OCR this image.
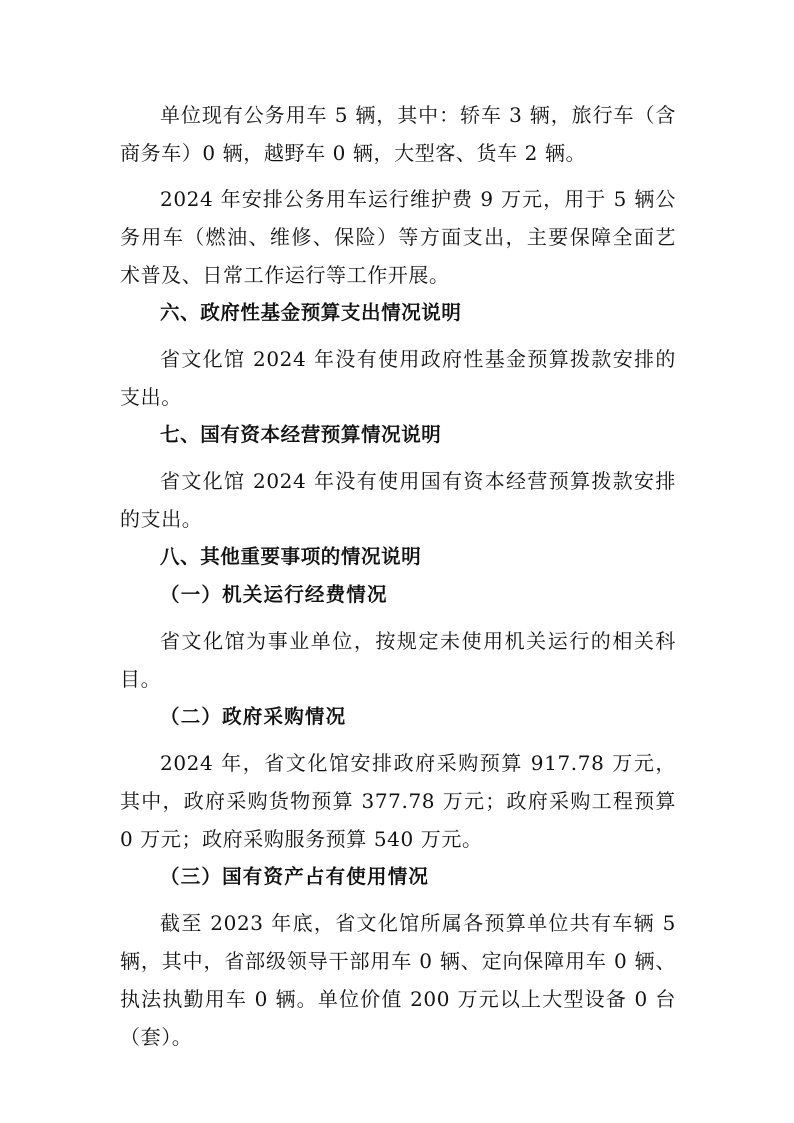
单位现有公务用车 5 辆，其中：轿车 3 辆，旅行车（含商务车）0 辆，越野车 0 辆，大型客、货车 2 辆。

2024 年安排公务用车运行维护费 9 万元，用于 5 辆公务用车（燃油、维修、保险）等方面支出，主要保障全面艺术普及、日常工作运行等工作开展。

六、政府性基金预算支出情况说明

省文化馆 2024 年没有使用政府性基金预算拨款安排的支出。

七、国有资本经营预算情况说明

省文化馆 2024 年没有使用国有资本经营预算拨款安排的支出。

八、其他重要事项的情况说明
（一）机关运行经费情况

省文化馆为事业单位，按规定未使用机关运行的相关科目。

（二）政府采购情况

2024 年，省文化馆安排政府采购预算 917.78 万元，其中，政府采购货物预算 377.78 万元；政府采购工程预算 0 万元；政府采购服务预算 540 万元。

（三）国有资产占有使用情况

截至 2023 年底，省文化馆所属各预算单位共有车辆 5 辆，其中，省部级领导干部用车 0 辆、定向保障用车 0 辆、执法执勤用车 0 辆。单位价值 200 万元以上大型设备 0 台（套）。
